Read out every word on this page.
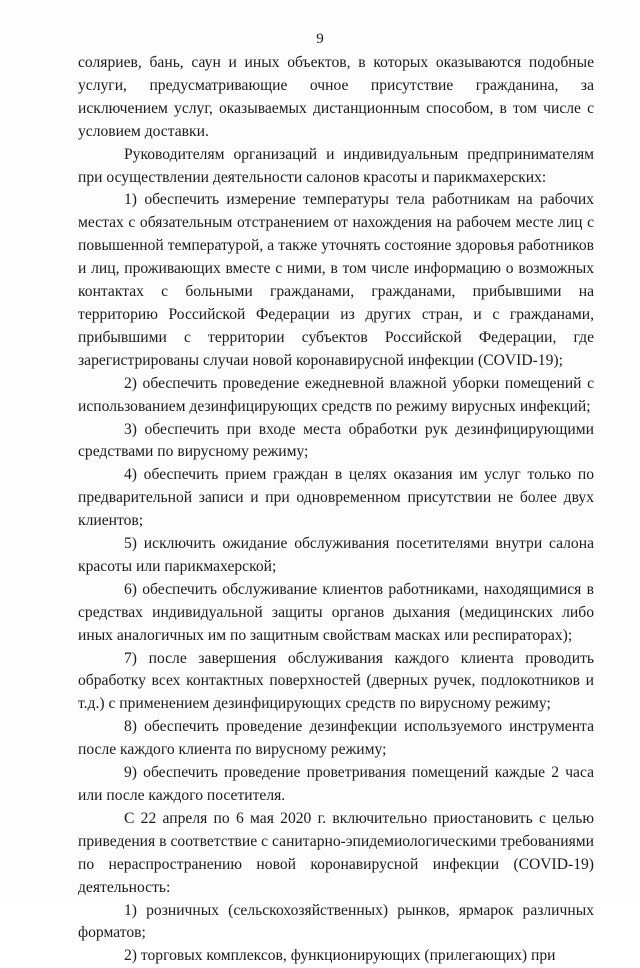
9

соляриев, бань, саун и иных объектов, в которых оказываются подобные услуги, предусматривающие очное присутствие гражданина, за исключением услуг, оказываемых дистанционным способом, в том числе с условием доставки.

Руководителям организаций и индивидуальным предпринимателям при осуществлении деятельности салонов красоты и парикмахерских:

1) обеспечить измерение температуры тела работникам на рабочих местах с обязательным отстранением от нахождения на рабочем месте лиц с повышенной температурой, а также уточнять состояние здоровья работников и лиц, проживающих вместе с ними, в том числе информацию о возможных контактах с больными гражданами, гражданами, прибывшими на территорию Российской Федерации из других стран, и с гражданами, прибывшими с территории субъектов Российской Федерации, где зарегистрированы случаи новой коронавирусной инфекции (COVID-19);

2) обеспечить проведение ежедневной влажной уборки помещений с использованием дезинфицирующих средств по режиму вирусных инфекций;

3) обеспечить при входе места обработки рук дезинфицирующими средствами по вирусному режиму;

4) обеспечить прием граждан в целях оказания им услуг только по предварительной записи и при одновременном присутствии не более двух клиентов;

5) исключить ожидание обслуживания посетителями внутри салона красоты или парикмахерской;

6) обеспечить обслуживание клиентов работниками, находящимися в средствах индивидуальной защиты органов дыхания (медицинских либо иных аналогичных им по защитным свойствам масках или респираторах);

7) после завершения обслуживания каждого клиента проводить обработку всех контактных поверхностей (дверных ручек, подлокотников и т.д.) с применением дезинфицирующих средств по вирусному режиму;

8) обеспечить проведение дезинфекции используемого инструмента после каждого клиента по вирусному режиму;

9) обеспечить проведение проветривания помещений каждые 2 часа или после каждого посетителя.

С 22 апреля по 6 мая 2020 г. включительно приостановить с целью приведения в соответствие с санитарно-эпидемиологическими требованиями по нераспространению новой коронавирусной инфекции (COVID-19) деятельность:

1) розничных (сельскохозяйственных) рынков, ярмарок различных форматов;

2) торговых комплексов, функционирующих (прилегающих) при
